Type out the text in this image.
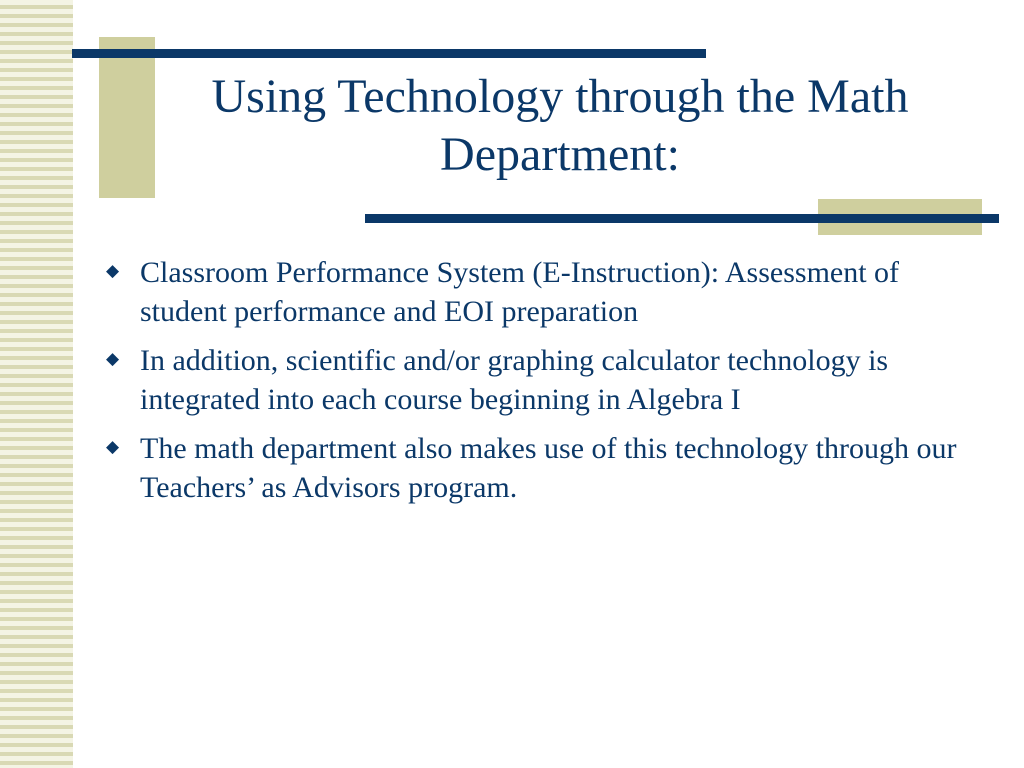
Using Technology through the Math Department:
◆ Classroom Performance System (E-Instruction): Assessment of student performance and EOI preparation
◆ In addition, scientific and/or graphing calculator technology is integrated into each course beginning in Algebra I
◆ The math department also makes use of this technology through our Teachers’ as Advisors program.
